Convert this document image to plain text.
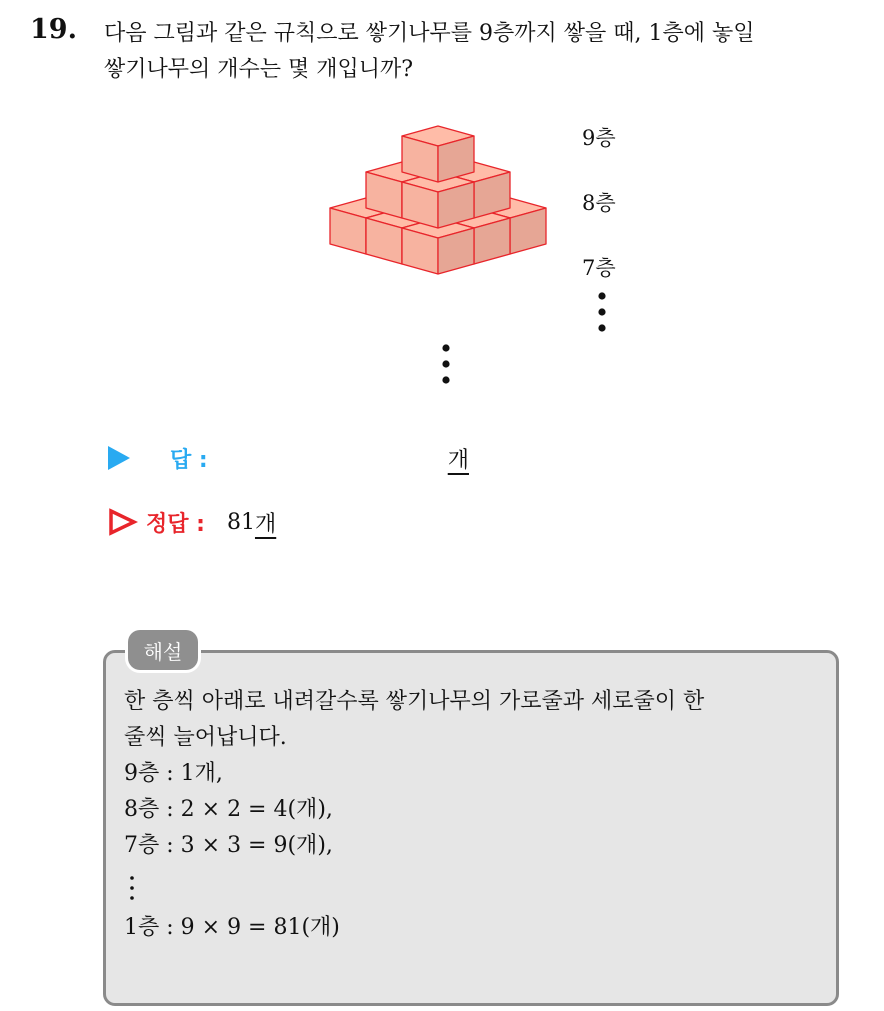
19. 다음 그림과 같은 규칙으로 쌓기나무를 9층까지 쌓을 때, 1층에 놓일
쌓기나무의 개수는 몇 개입니까?
9층
8층
7층
답 :	개
정답 : 81 개
해설

한 층씩 아래로 내려갈수록 쌓기나무의 가로줄과 세로줄이 한

줄씩 늘어납니다.

9층 : 1개,

8층 : 2 × 2 = 4(개),

7층 : 3 × 3 = 9(개),

1층 : 9 × 9 = 81(개)
